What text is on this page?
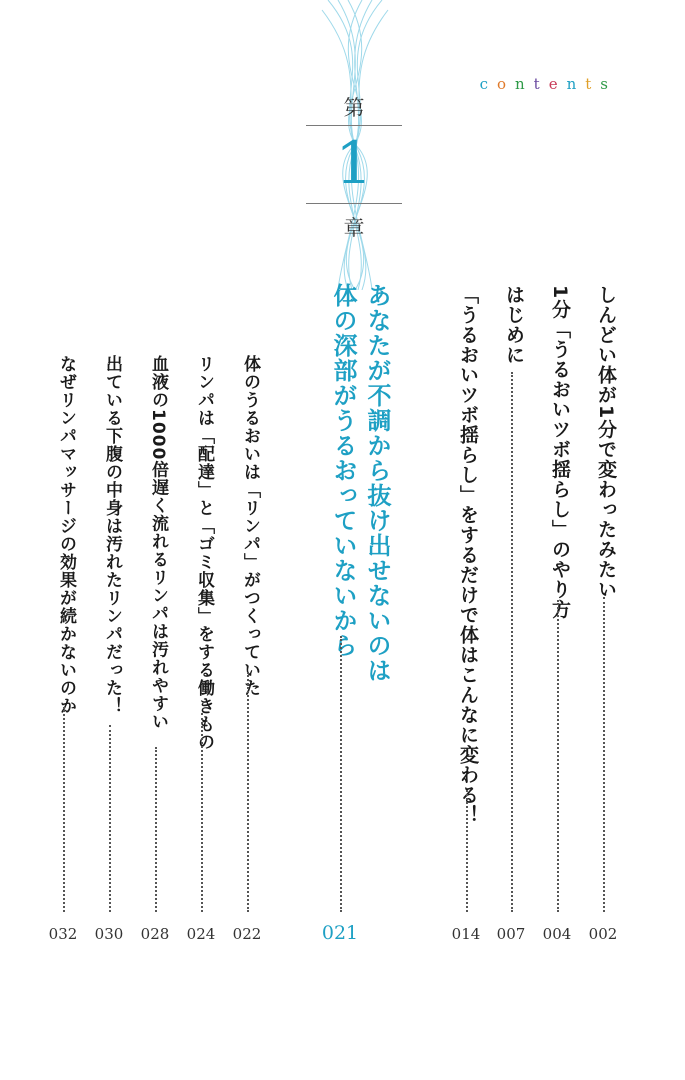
contents
第
1
章
しんどい体が1分で変わったみたい
002
1分「うるおいツボ揺らし」のやり方
004
はじめに
007
「うるおいツボ揺らし」をするだけで体はこんなに変わる！
014
あなたが不調から抜け出せないのは
体の深部がうるおっていないから
021
体のうるおいは「リンパ」がつくっていた
022
リンパは「配達」と「ゴミ収集」をする働きもの
024
血液の1000倍遅く流れるリンパは汚れやすい
028
出ている下腹の中身は汚れたリンパだった！
030
なぜリンパマッサージの効果が続かないのか
032
